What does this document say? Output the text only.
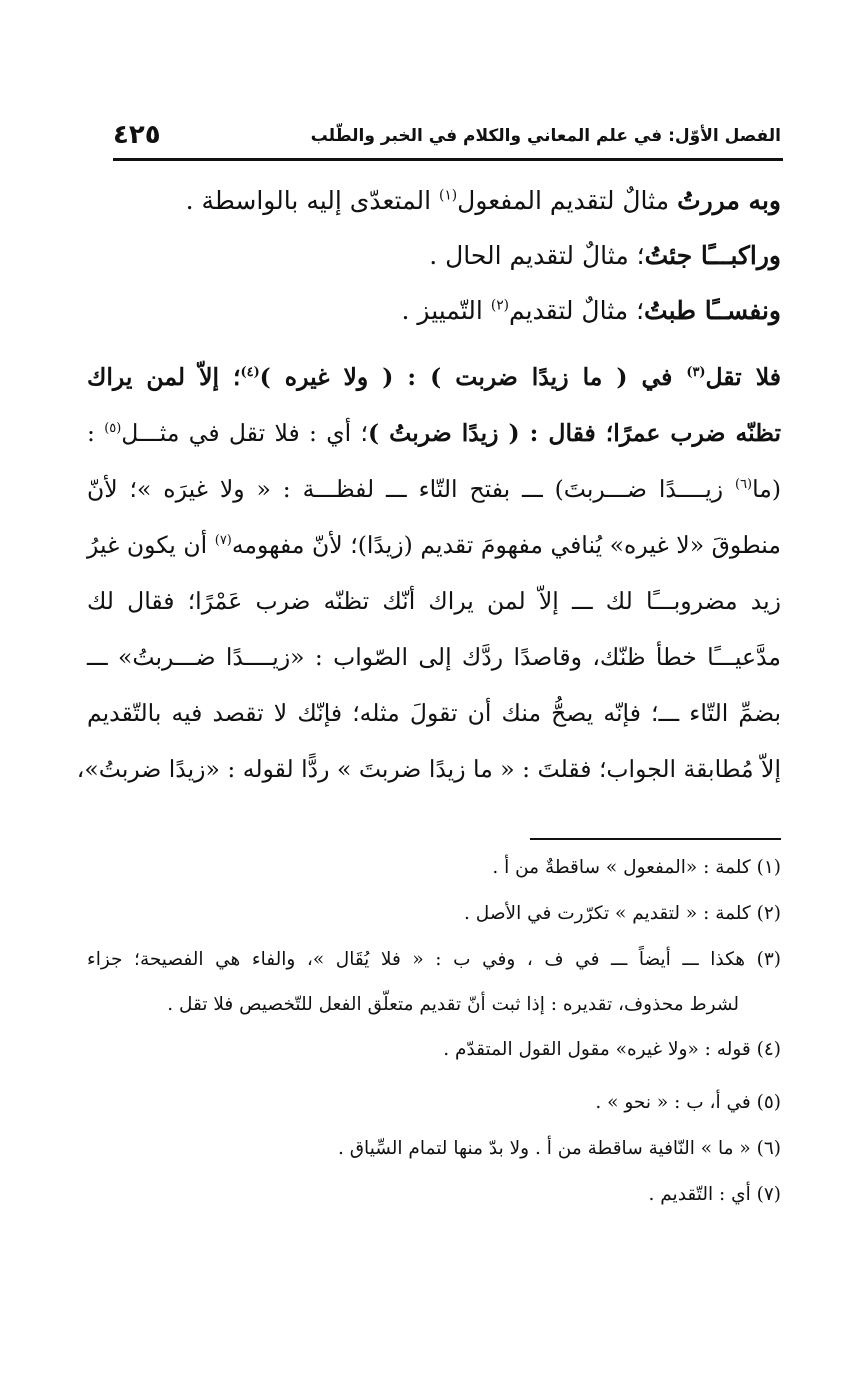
الفصل الأوّل: في علم المعاني والكلام في الخبر والطّلب
٤٢٥
وبه مررتُ مثالٌ لتقديم المفعول$^{(١)}$ المتعدّى إليه بالواسطة .
وراكبـــًا جئتُ؛ مثالٌ لتقديم الحال .
ونفســًا طبتُ؛ مثالٌ لتقديم$^{(٢)}$ التّمييز .
فلا تقل$^{(٣)}$ في ( ما زيدًا ضربت ) : ( ولا غيره )$^{(٤)}$؛ إلاّ لمن يراك
تظنّه ضرب عمرًا؛ فقال : ( زيدًا ضربتُ )؛ أي : فلا تقل في مثـــل$^{(٥)}$ :
(ما$^{(٦)}$ زيــــدًا ضـــربتَ) ـــ بفتح التّاء ـــ لفظـــة : « ولا غيرَه »؛ لأنّ
منطوقَ «لا غيره» يُنافي مفهومَ تقديم (زيدًا)؛ لأنّ مفهومه$^{(٧)}$ أن يكون غيرُ
زيد مضروبـــًا لك ـــ إلاّ لمن يراك أنّك تظنّه ضرب عَمْرًا؛ فقال لك
مدَّعيـــًا خطأ ظنّك، وقاصدًا ردَّك إلى الصّواب : «زيــــدًا ضـــربتُ» ـــ
بضمِّ التّاء ـــ؛ فإنّه يصحُّ منك أن تقولَ مثله؛ فإنّك لا تقصد فيه بالتّقديم
إلاّ مُطابقة الجواب؛ فقلتَ : « ما زيدًا ضربتَ » ردًّا لقوله : «زيدًا ضربتُ»،
(١) كلمة : «المفعول » ساقطةٌ من أ .
(٢) كلمة : « لتقديم » تكرّرت في الأصل .
(٣) هكذا ـــ أيضاً ـــ في ف ، وفي ب : « فلا يُقَال »، والفاء هي الفصيحة؛ جزاء
لشرط محذوف، تقديره : إذا ثبت أنّ تقديم متعلّق الفعل للتّخصيص فلا تقل .
(٤) قوله : «ولا غيره» مقول القول المتقدّم .
(٥) في أ، ب : « نحو » .
(٦) « ما » النّافية ساقطة من أ . ولا بدّ منها لتمام السِّياق .
(٧) أي : التّقديم .
